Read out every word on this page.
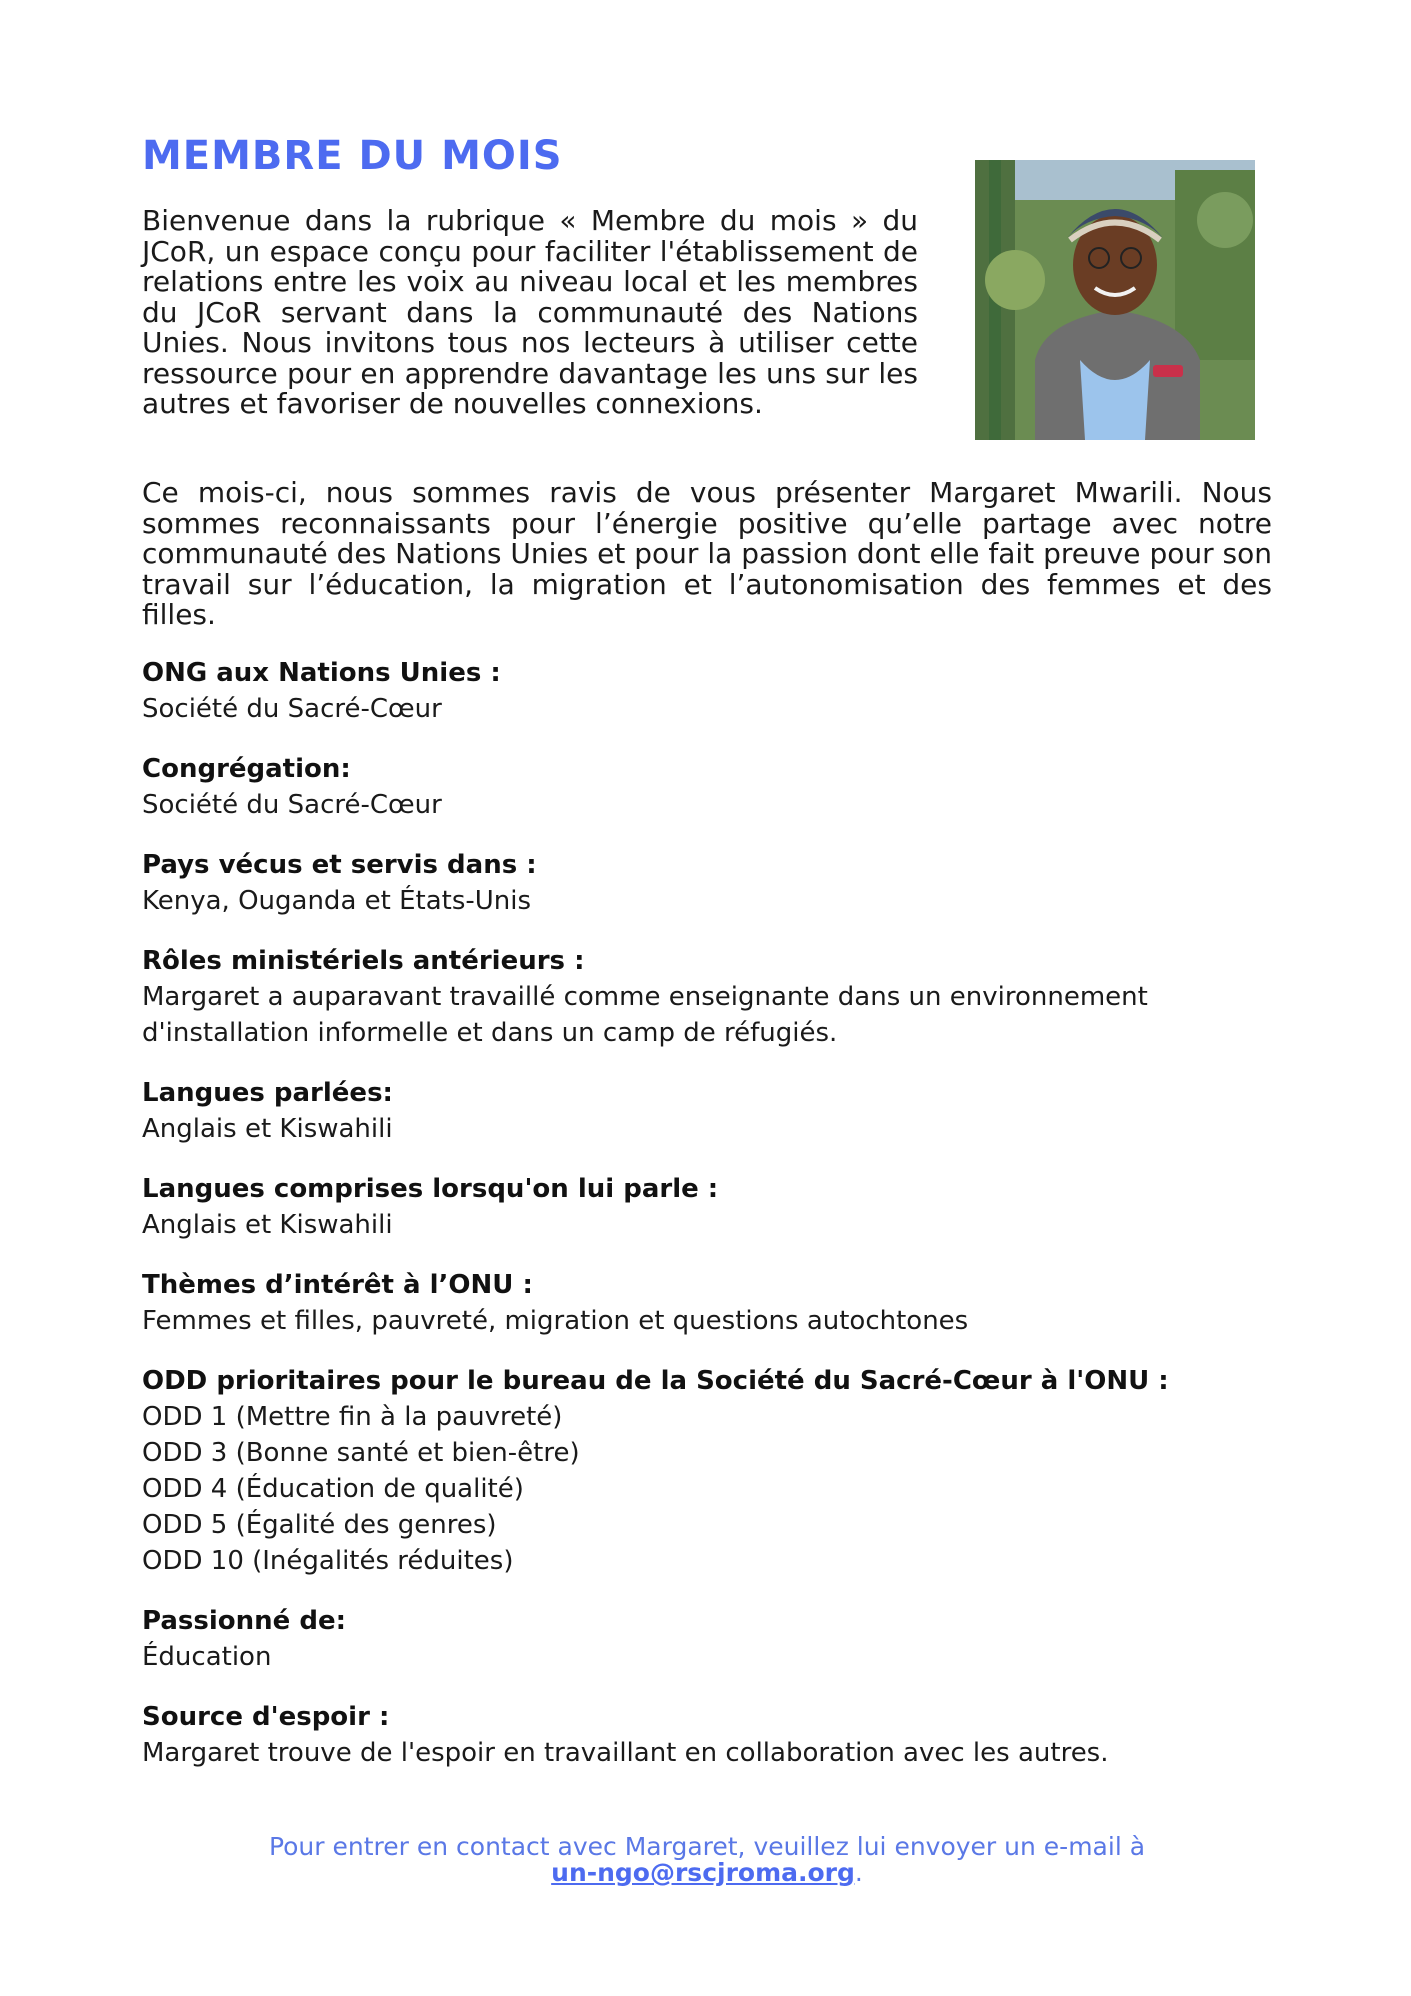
MEMBRE DU MOIS

Bienvenue dans la rubrique « Membre du mois » du JCoR, un espace conçu pour faciliter l'établissement de relations entre les voix au niveau local et les membres du JCoR servant dans la communauté des Nations Unies. Nous invitons tous nos lecteurs à utiliser cette ressource pour en apprendre davantage les uns sur les autres et favoriser de nouvelles connexions.

Ce mois-ci, nous sommes ravis de vous présenter Margaret Mwarili. Nous sommes reconnaissants pour l’énergie positive qu’elle partage avec notre communauté des Nations Unies et pour la passion dont elle fait preuve pour son travail sur l’éducation, la migration et l’autonomisation des femmes et des filles.

ONG aux Nations Unies :
Société du Sacré-Cœur
Congrégation:
Société du Sacré-Cœur
Pays vécus et servis dans :
Kenya, Ouganda et États-Unis
Rôles ministériels antérieurs :
Margaret a auparavant travaillé comme enseignante dans un environnement
d'installation informelle et dans un camp de réfugiés.
Langues parlées:
Anglais et Kiswahili
Langues comprises lorsqu'on lui parle :
Anglais et Kiswahili
Thèmes d’intérêt à l’ONU :
Femmes et filles, pauvreté, migration et questions autochtones
ODD prioritaires pour le bureau de la Société du Sacré-Cœur à l'ONU :
ODD 1 (Mettre fin à la pauvreté)
ODD 3 (Bonne santé et bien-être)
ODD 4 (Éducation de qualité)
ODD 5 (Égalité des genres)
ODD 10 (Inégalités réduites)
Passionné de:
Éducation
Source d'espoir :
Margaret trouve de l'espoir en travaillant en collaboration avec les autres.
Pour entrer en contact avec Margaret, veuillez lui envoyer un e-mail à
un-ngo@rscjroma.org.
